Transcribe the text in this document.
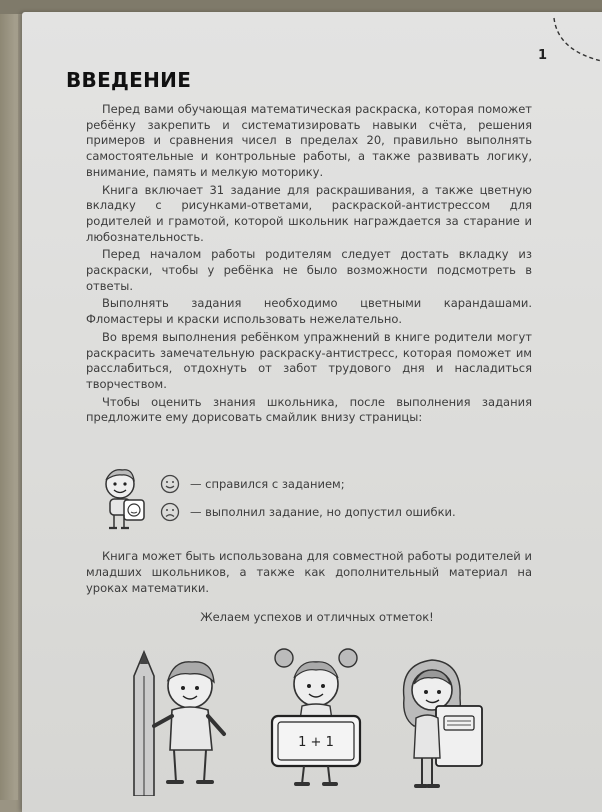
1
ВВЕДЕНИЕ

Перед вами обучающая математическая раскраска, которая поможет ребёнку закрепить и систематизировать навыки счёта, решения примеров и сравнения чисел в пределах 20, правильно выполнять самостоятельные и контрольные работы, а также развивать логику, внимание, память и мелкую моторику.

Книга включает 31 задание для раскрашивания, а также цветную вкладку с рисунками-ответами, раскраской-антистрессом для родителей и грамотой, которой школьник награждается за старание и любознательность.

Перед началом работы родителям следует достать вкладку из раскраски, чтобы у ребёнка не было возможности подсмотреть в ответы.

Выполнять задания необходимо цветными карандашами. Фломастеры и краски использовать нежелательно.

Во время выполнения ребёнком упражнений в книге родители могут раскрасить замечательную раскраску-антистресс, которая поможет им расслабиться, отдохнуть от забот трудового дня и насладиться творчеством.

Чтобы оценить знания школьника, после выполнения задания предложите ему дорисовать смайлик внизу страницы:

— справился с заданием;
— выполнил задание, но допустил ошибки.
Книга может быть использована для совместной работы родителей и младших школьников, а также как дополнительный материал на уроках математики.
Желаем успехов и отличных отметок!
1 + 1
